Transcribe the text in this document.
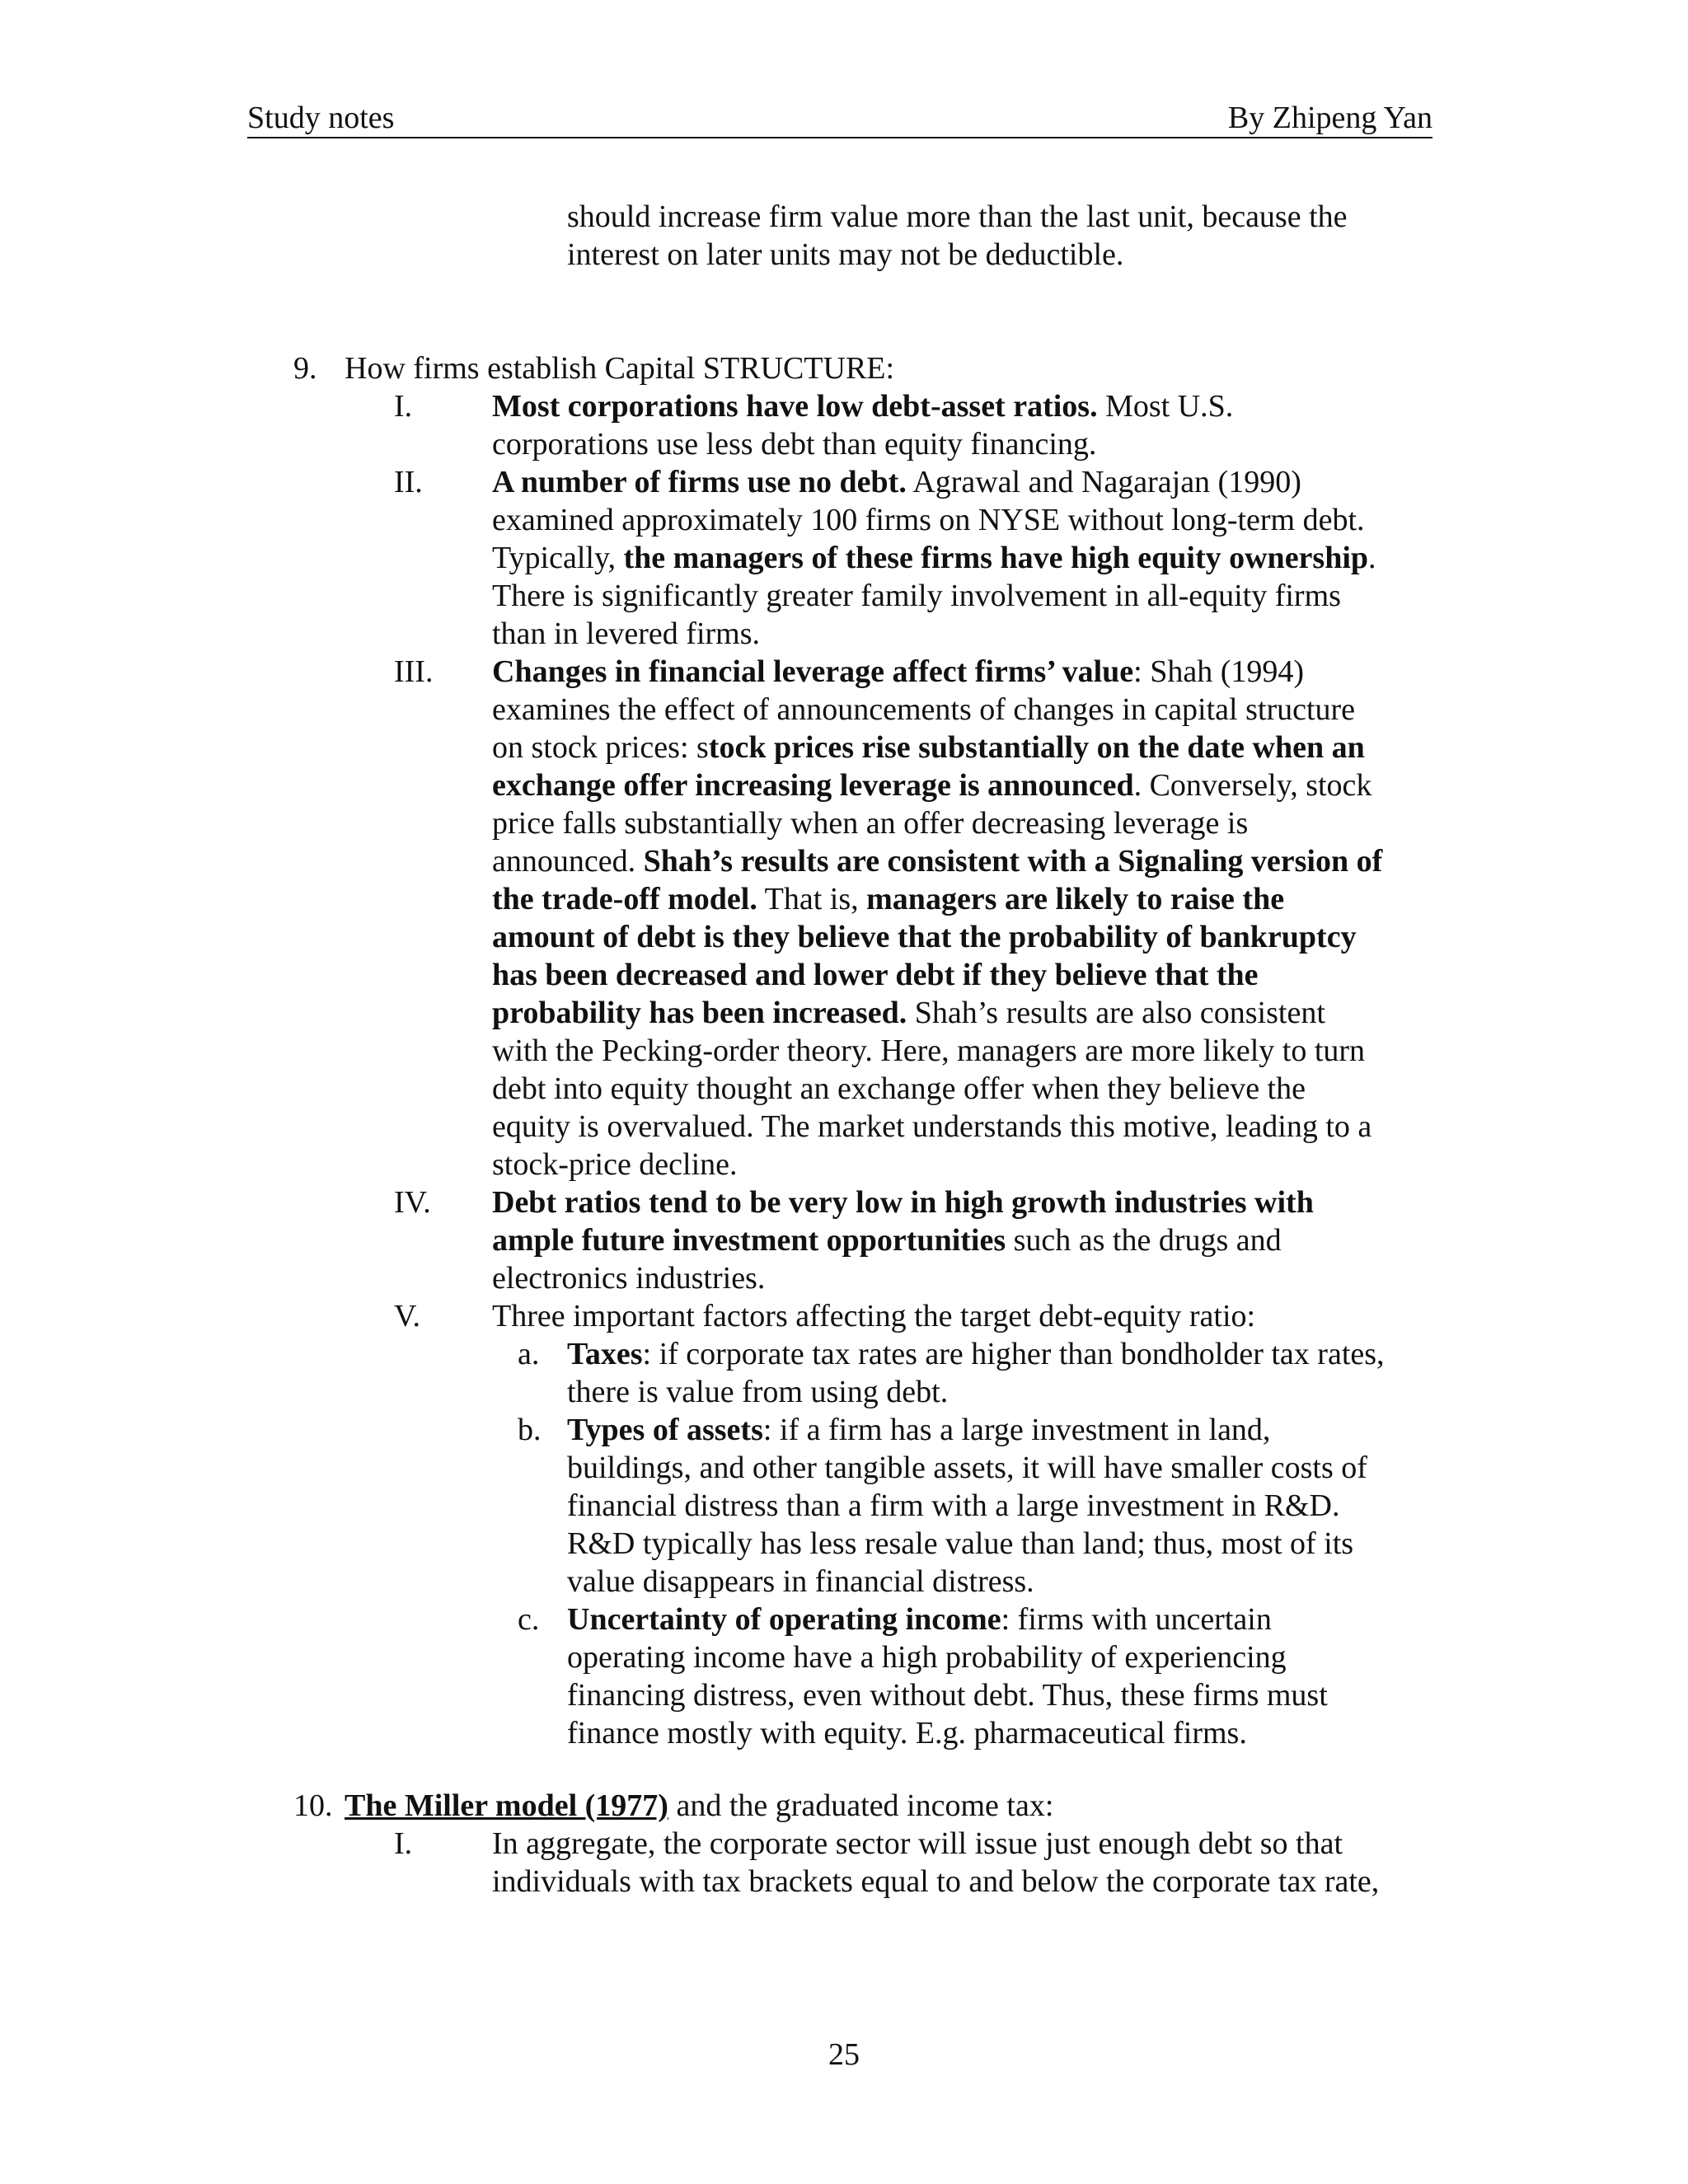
Study notes	By Zhipeng Yan
should increase firm value more than the last unit, because the
interest on later units may not be deductible.
9. How firms establish Capital STRUCTURE:
I.	Most corporations have low debt-asset ratios. Most U.S.
corporations use less debt than equity financing.
II. A number of firms use no debt. Agrawal and Nagarajan (1990)
examined approximately 100 firms on NYSE without long-term debt.
Typically, the managers of these firms have high equity ownership.
There is significantly greater family involvement in all-equity firms
than in levered firms.
III. Changes in financial leverage affect firms’ value: Shah (1994)
examines the effect of announcements of changes in capital structure
on stock prices: stock prices rise substantially on the date when an
exchange offer increasing leverage is announced. Conversely, stock
price falls substantially when an offer decreasing leverage is
announced. Shah’s results are consistent with a Signaling version of
the trade-off model. That is, managers are likely to raise the
amount of debt is they believe that the probability of bankruptcy
has been decreased and lower debt if they believe that the
probability has been increased. Shah’s results are also consistent
with the Pecking-order theory. Here, managers are more likely to turn
debt into equity thought an exchange offer when they believe the
equity is overvalued. The market understands this motive, leading to a
stock-price decline.
IV. Debt ratios tend to be very low in high growth industries with
ample future investment opportunities such as the drugs and
electronics industries.
V. Three important factors affecting the target debt-equity ratio:
a. Taxes: if corporate tax rates are higher than bondholder tax rates,
there is value from using debt.
b. Types of assets: if a firm has a large investment in land,
buildings, and other tangible assets, it will have smaller costs of
financial distress than a firm with a large investment in R&D.
R&D typically has less resale value than land; thus, most of its
value disappears in financial distress.
c. Uncertainty of operating income: firms with uncertain
operating income have a high probability of experiencing
financing distress, even without debt. Thus, these firms must
finance mostly with equity. E.g. pharmaceutical firms.
10. The Miller model (1977) and the graduated income tax:
I.	In aggregate, the corporate sector will issue just enough debt so that
individuals with tax brackets equal to and below the corporate tax rate,
25
